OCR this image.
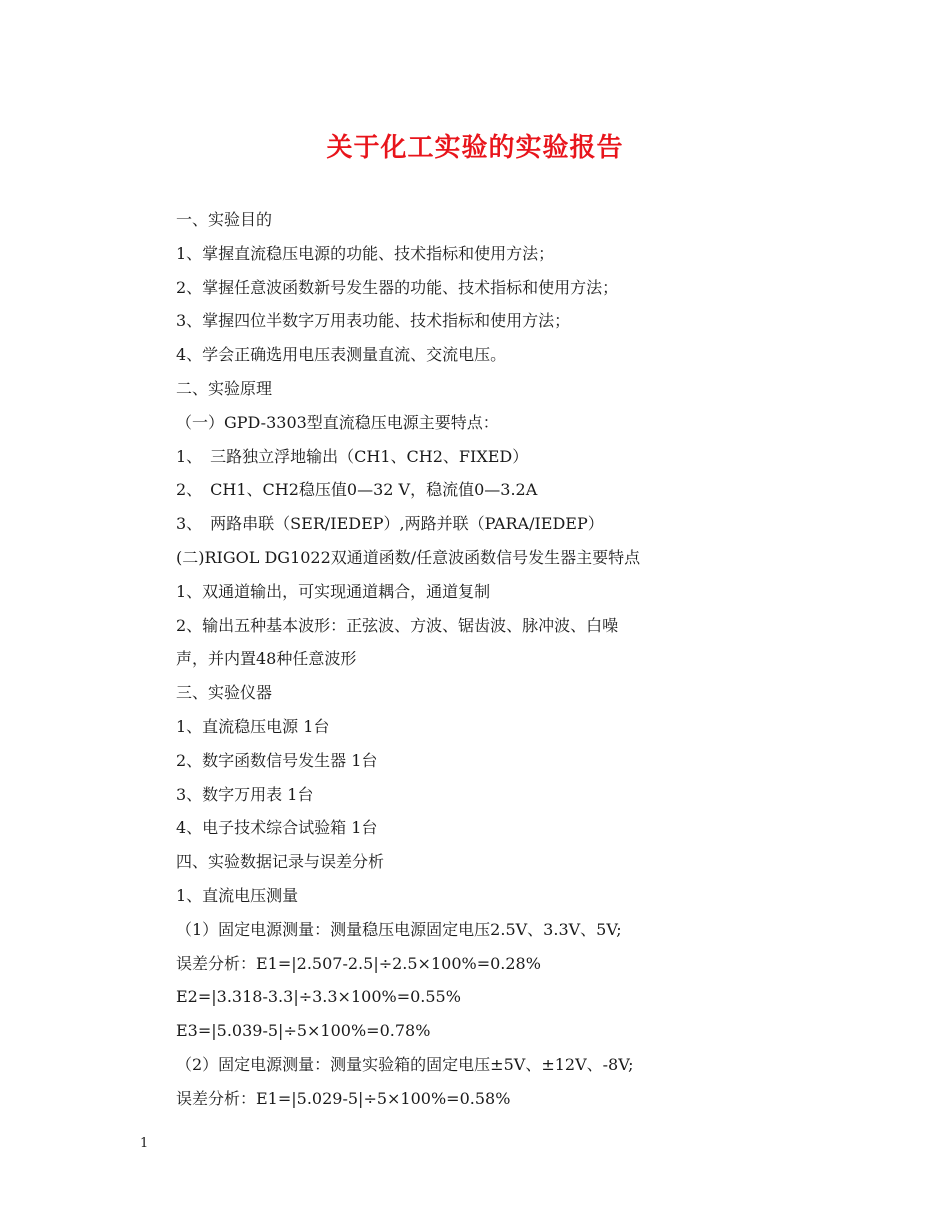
关于化工实验的实验报告
一、实验目的
1、掌握直流稳压电源的功能、技术指标和使用方法；
2、掌握任意波函数新号发生器的功能、技术指标和使用方法；
3、掌握四位半数字万用表功能、技术指标和使用方法；
4、学会正确选用电压表测量直流、交流电压。
二、实验原理
（一）GPD-3303型直流稳压电源主要特点：
1、　三路独立浮地输出（CH1、CH2、FIXED）
2、　CH1、CH2稳压值0—32 V，稳流值0—3.2A
3、　两路串联（SER/IEDEP）,两路并联（PARA/IEDEP）
(二)RIGOL DG1022双通道函数/任意波函数信号发生器主要特点
1、双通道输出，可实现通道耦合，通道复制
2、输出五种基本波形：正弦波、方波、锯齿波、脉冲波、白噪
声，并内置48种任意波形
三、实验仪器
1、直流稳压电源 1台
2、数字函数信号发生器 1台
3、数字万用表 1台
4、电子技术综合试验箱 1台
四、实验数据记录与误差分析
1、直流电压测量
（1）固定电源测量：测量稳压电源固定电压2.5V、3.3V、5V;
误差分析：E1=|2.507-2.5|÷2.5×100%=0.28%
E2=|3.318-3.3|÷3.3×100%=0.55%
E3=|5.039-5|÷5×100%=0.78%
（2）固定电源测量：测量实验箱的固定电压±5V、±12V、-8V;
误差分析：E1=|5.029-5|÷5×100%=0.58%
1
